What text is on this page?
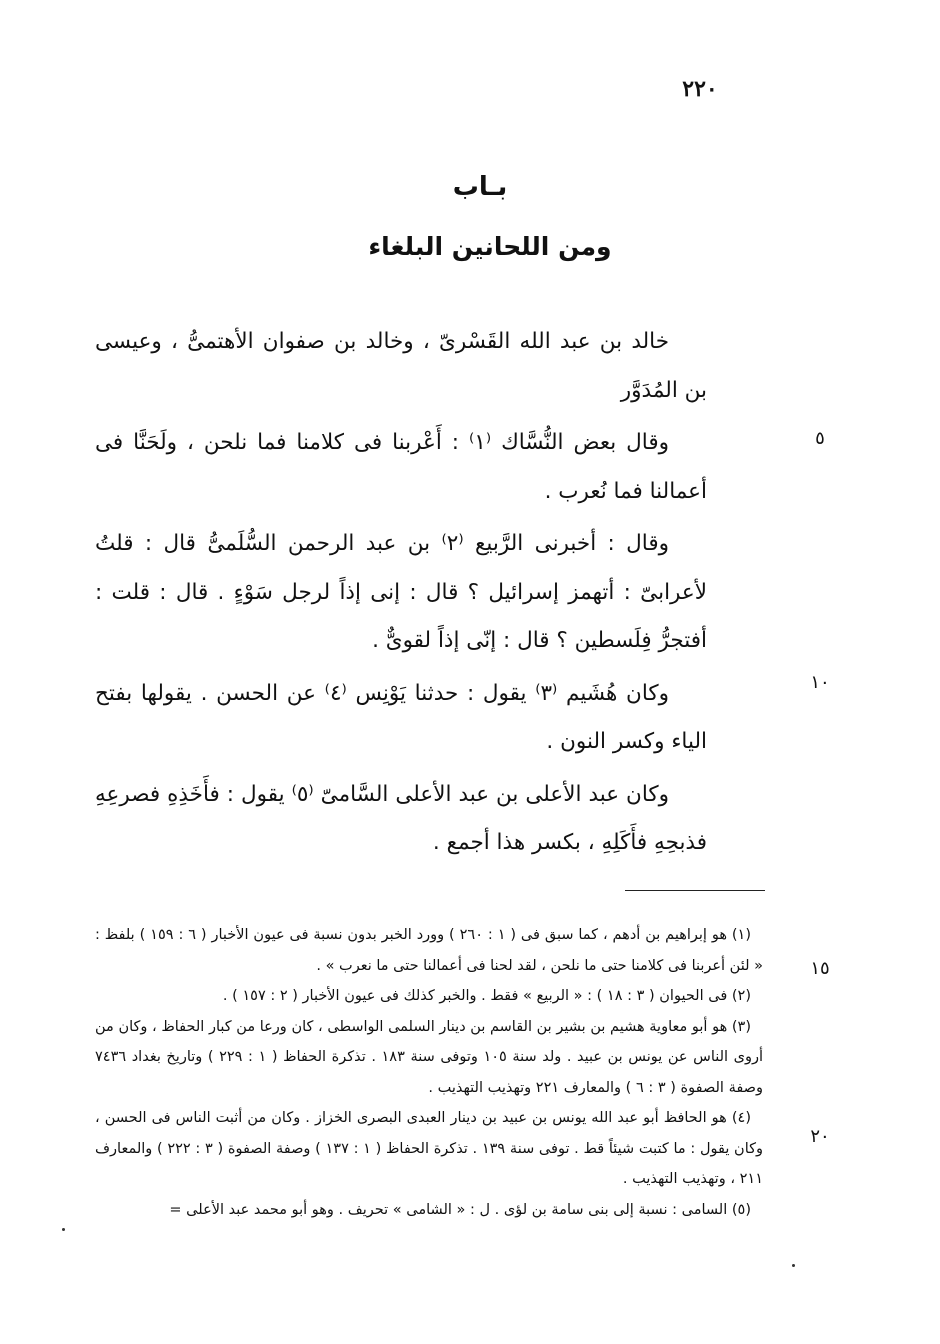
٢٢٠
بـاب
ومن اللحانين البلغاء

خالد بن عبد الله القَسْرىّ ، وخالد بن صفوان الأهتمىُّ ، وعيسى بن المُدَوَّر

وقال بعض النُّسَّاك ⁽١⁾ : أَعْربنا فى كلامنا فما نلحن ، ولَحَنَّا فى أعمالنا فما نُعرب .

وقال : أخبرنى الرَّبيع ⁽٢⁾ بن عبد الرحمن السُّلَمىُّ قال : قلتُ لأعرابىّ : أتهمز إسرائيل ؟ قال : إنى إذاً لرجل سَوْءٍ . قال : قلت : أفتجرُّ فِلَسطين ؟ قال : إنّى إذاً لقوىٌّ .

وكان هُشَيم ⁽٣⁾ يقول : حدثنا يَوْنِس ⁽٤⁾ عن الحسن . يقولها بفتح الياء وكسر النون .

وكان عبد الأعلى بن عبد الأعلى السَّامىّ ⁽٥⁾ يقول : فأَخَذِهِ فصرعِهِ فذبحِهِ فأَكَلِهِ ، بكسر هذا أجمع .

٥
١٠
١٥
٢٠

(١) هو إبراهيم بن أدهم ، كما سبق فى ( ١ : ٢٦٠ ) وورد الخبر بدون نسبة فى عيون الأخبار ( ٦ : ١٥٩ ) بلفظ : « لئن أعربنا فى كلامنا حتى ما نلحن ، لقد لحنا فى أعمالنا حتى ما نعرب » .

(٢) فى الحيوان ( ٣ : ١٨ ) : « الربيع » فقط . والخبر كذلك فى عيون الأخبار ( ٢ : ١٥٧ ) .

(٣) هو أبو معاوية هشيم بن بشير بن القاسم بن دينار السلمى الواسطى ، كان ورعا من كبار الحفاظ ، وكان من أروى الناس عن يونس بن عبيد . ولد سنة ١٠٥ وتوفى سنة ١٨٣ . تذكرة الحفاظ ( ١ : ٢٢٩ ) وتاريخ بغداد ٧٤٣٦ وصفة الصفوة ( ٣ : ٦ ) والمعارف ٢٢١ وتهذيب التهذيب .

(٤) هو الحافظ أبو عبد الله يونس بن عبيد بن دينار العبدى البصرى الخزاز . وكان من أثبت الناس فى الحسن ، وكان يقول : ما كتبت شيئاً قط . توفى سنة ١٣٩ . تذكرة الحفاظ ( ١ : ١٣٧ ) وصفة الصفوة ( ٣ : ٢٢٢ ) والمعارف ٢١١ ، وتهذيب التهذيب .

(٥) السامى : نسبة إلى بنى سامة بن لؤى . ل : « الشامى » تحريف . وهو أبو محمد عبد الأعلى =
